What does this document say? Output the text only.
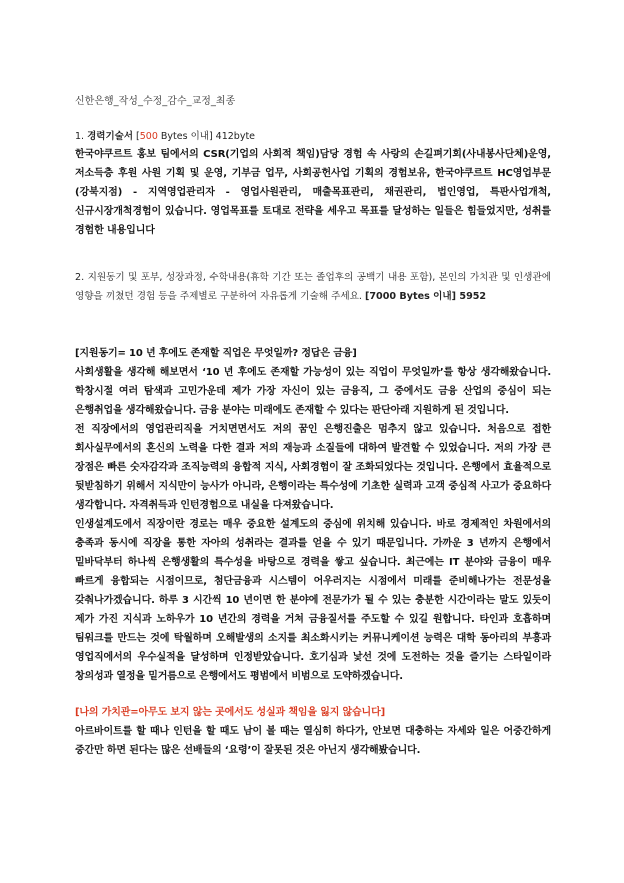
신한은행_작성_수정_감수_교정_최종
1. 경력기술서 [500 Bytes 이내] 412byte
한국야쿠르트 홍보 팀에서의 CSR(기업의 사회적 책임)담당 경험 속 사랑의 손길펴기회(사내봉사단체)운영, 저소득층 후원 사원 기획 및 운영, 기부금 업무, 사회공헌사업 기획의 경험보유, 한국야쿠르트 HC영업부문(강북지점) - 지역영업관리자 - 영업사원관리, 매출목표관리, 채권관리, 법인영업, 특판사업개척, 신규시장개척경험이 있습니다. 영업목표를 토대로 전략을 세우고 목표를 달성하는 일들은 힘들었지만, 성취를 경험한 내용입니다
2. 지원동기 및 포부, 성장과정, 수학내용(휴학 기간 또는 졸업후의 공백기 내용 포함), 본인의 가치관 및 인생관에 영향을 끼쳤던 경험 등을 주제별로 구분하여 자유롭게 기술해 주세요. [7000 Bytes 이내] 5952

[지원동기= 10 년 후에도 존재할 직업은 무엇일까? 정답은 금융]

사회생활을 생각해 해보면서 ‘10 년 후에도 존재할 가능성이 있는 직업이 무엇일까’를 항상 생각해왔습니다. 학창시절 여러 탐색과 고민가운데 제가 가장 자신이 있는 금융직, 그 중에서도 금융 산업의 중심이 되는 은행취업을 생각해왔습니다. 금융 분야는 미래에도 존재할 수 있다는 판단아래 지원하게 된 것입니다.

전 직장에서의 영업관리직을 거치면면서도 저의 꿈인 은행진출은 멈추지 않고 있습니다. 처음으로 접한 회사실무에서의 혼신의 노력을 다한 결과 저의 재능과 소질들에 대하여 발견할 수 있었습니다. 저의 가장 큰 장점은 빠른 숫자감각과 조직능력의 융합적 지식, 사회경험이 잘 조화되었다는 것입니다. 은행에서 효율적으로 뒷받침하기 위해서 지식만이 능사가 아니라, 은행이라는 특수성에 기초한 실력과 고객 중심적 사고가 중요하다 생각합니다. 자격취득과 인턴경험으로 내실을 다져왔습니다.

인생설계도에서 직장이란 경로는 매우 중요한 설계도의 중심에 위치해 있습니다. 바로 경제적인 차원에서의 충족과 동시에 직장을 통한 자아의 성취라는 결과를 얻을 수 있기 때문입니다. 가까운 3 년까지 은행에서 밑바닥부터 하나씩 은행생활의 특수성을 바탕으로 경력을 쌓고 싶습니다. 최근에는 IT 분야와 금융이 매우 빠르게 융합되는 시점이므로, 첨단금융과 시스템이 어우러지는 시점에서 미래를 준비해나가는 전문성을 갖춰나가겠습니다. 하루 3 시간씩 10 년이면 한 분야에 전문가가 될 수 있는 충분한 시간이라는 말도 있듯이 제가 가진 지식과 노하우가 10 년간의 경력을 거쳐 금융질서를 주도할 수 있길 원합니다. 타인과 호흡하며 팀워크를 만드는 것에 탁월하며 오해발생의 소지를 최소화시키는 커뮤니케이션 능력은 대학 동아리의 부흥과 영업직에서의 우수실적을 달성하며 인정받았습니다. 호기심과 낯선 것에 도전하는 것을 즐기는 스타일이라 창의성과 열정을 밑거름으로 은행에서도 평범에서 비범으로 도약하겠습니다.

[나의 가치관=아무도 보지 않는 곳에서도 성실과 책임을 잃지 않습니다]

아르바이트를 할 때나 인턴을 할 때도 남이 볼 때는 열심히 하다가, 안보면 대충하는 자세와 일은 어중간하게 중간만 하면 된다는 많은 선배들의 ‘요령’이 잘못된 것은 아닌지 생각해봤습니다.
